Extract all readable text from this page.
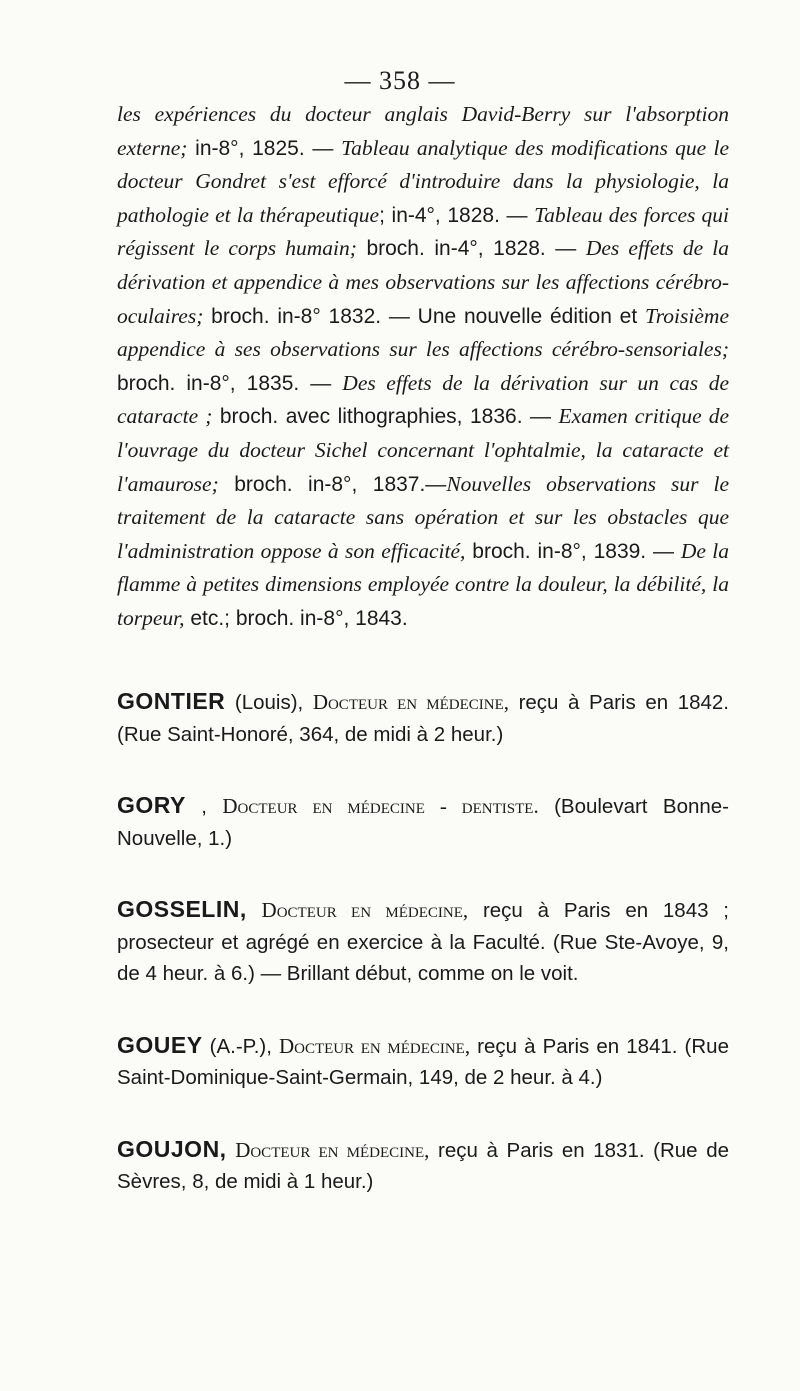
— 358 —

les expériences du docteur anglais David-Berry sur l'absorption externe; in-8°, 1825. — Tableau analytique des modifications que le docteur Gondret s'est efforcé d'introduire dans la physiologie, la pathologie et la thérapeutique; in-4°, 1828. — Tableau des forces qui régissent le corps humain; broch. in-4°, 1828. — Des effets de la dérivation et appendice à mes observations sur les affections cérébro-oculaires; broch. in-8° 1832. — Une nouvelle édition et Troisième appendice à ses observations sur les affections cérébro-sensoriales; broch. in-8°, 1835. — Des effets de la dérivation sur un cas de cataracte ; broch. avec lithographies, 1836. — Examen critique de l'ouvrage du docteur Sichel concernant l'ophtalmie, la cataracte et l'amaurose; broch. in-8°, 1837.—Nouvelles observations sur le traitement de la cataracte sans opération et sur les obstacles que l'administration oppose à son efficacité, broch. in-8°, 1839. — De la flamme à petites dimensions employée contre la douleur, la débilité, la torpeur, etc.; broch. in-8°, 1843.

GONTIER (Louis), Docteur en médecine, reçu à Paris en 1842. (Rue Saint-Honoré, 364, de midi à 2 heur.)

GORY , Docteur en médecine - dentiste. (Boulevart Bonne-Nouvelle, 1.)

GOSSELIN, Docteur en médecine, reçu à Paris en 1843 ; prosecteur et agrégé en exercice à la Faculté. (Rue Ste-Avoye, 9, de 4 heur. à 6.) — Brillant début, comme on le voit.

GOUEY (A.-P.), Docteur en médecine, reçu à Paris en 1841. (Rue Saint-Dominique-Saint-Germain, 149, de 2 heur. à 4.)

GOUJON, Docteur en médecine, reçu à Paris en 1831. (Rue de Sèvres, 8, de midi à 1 heur.)
